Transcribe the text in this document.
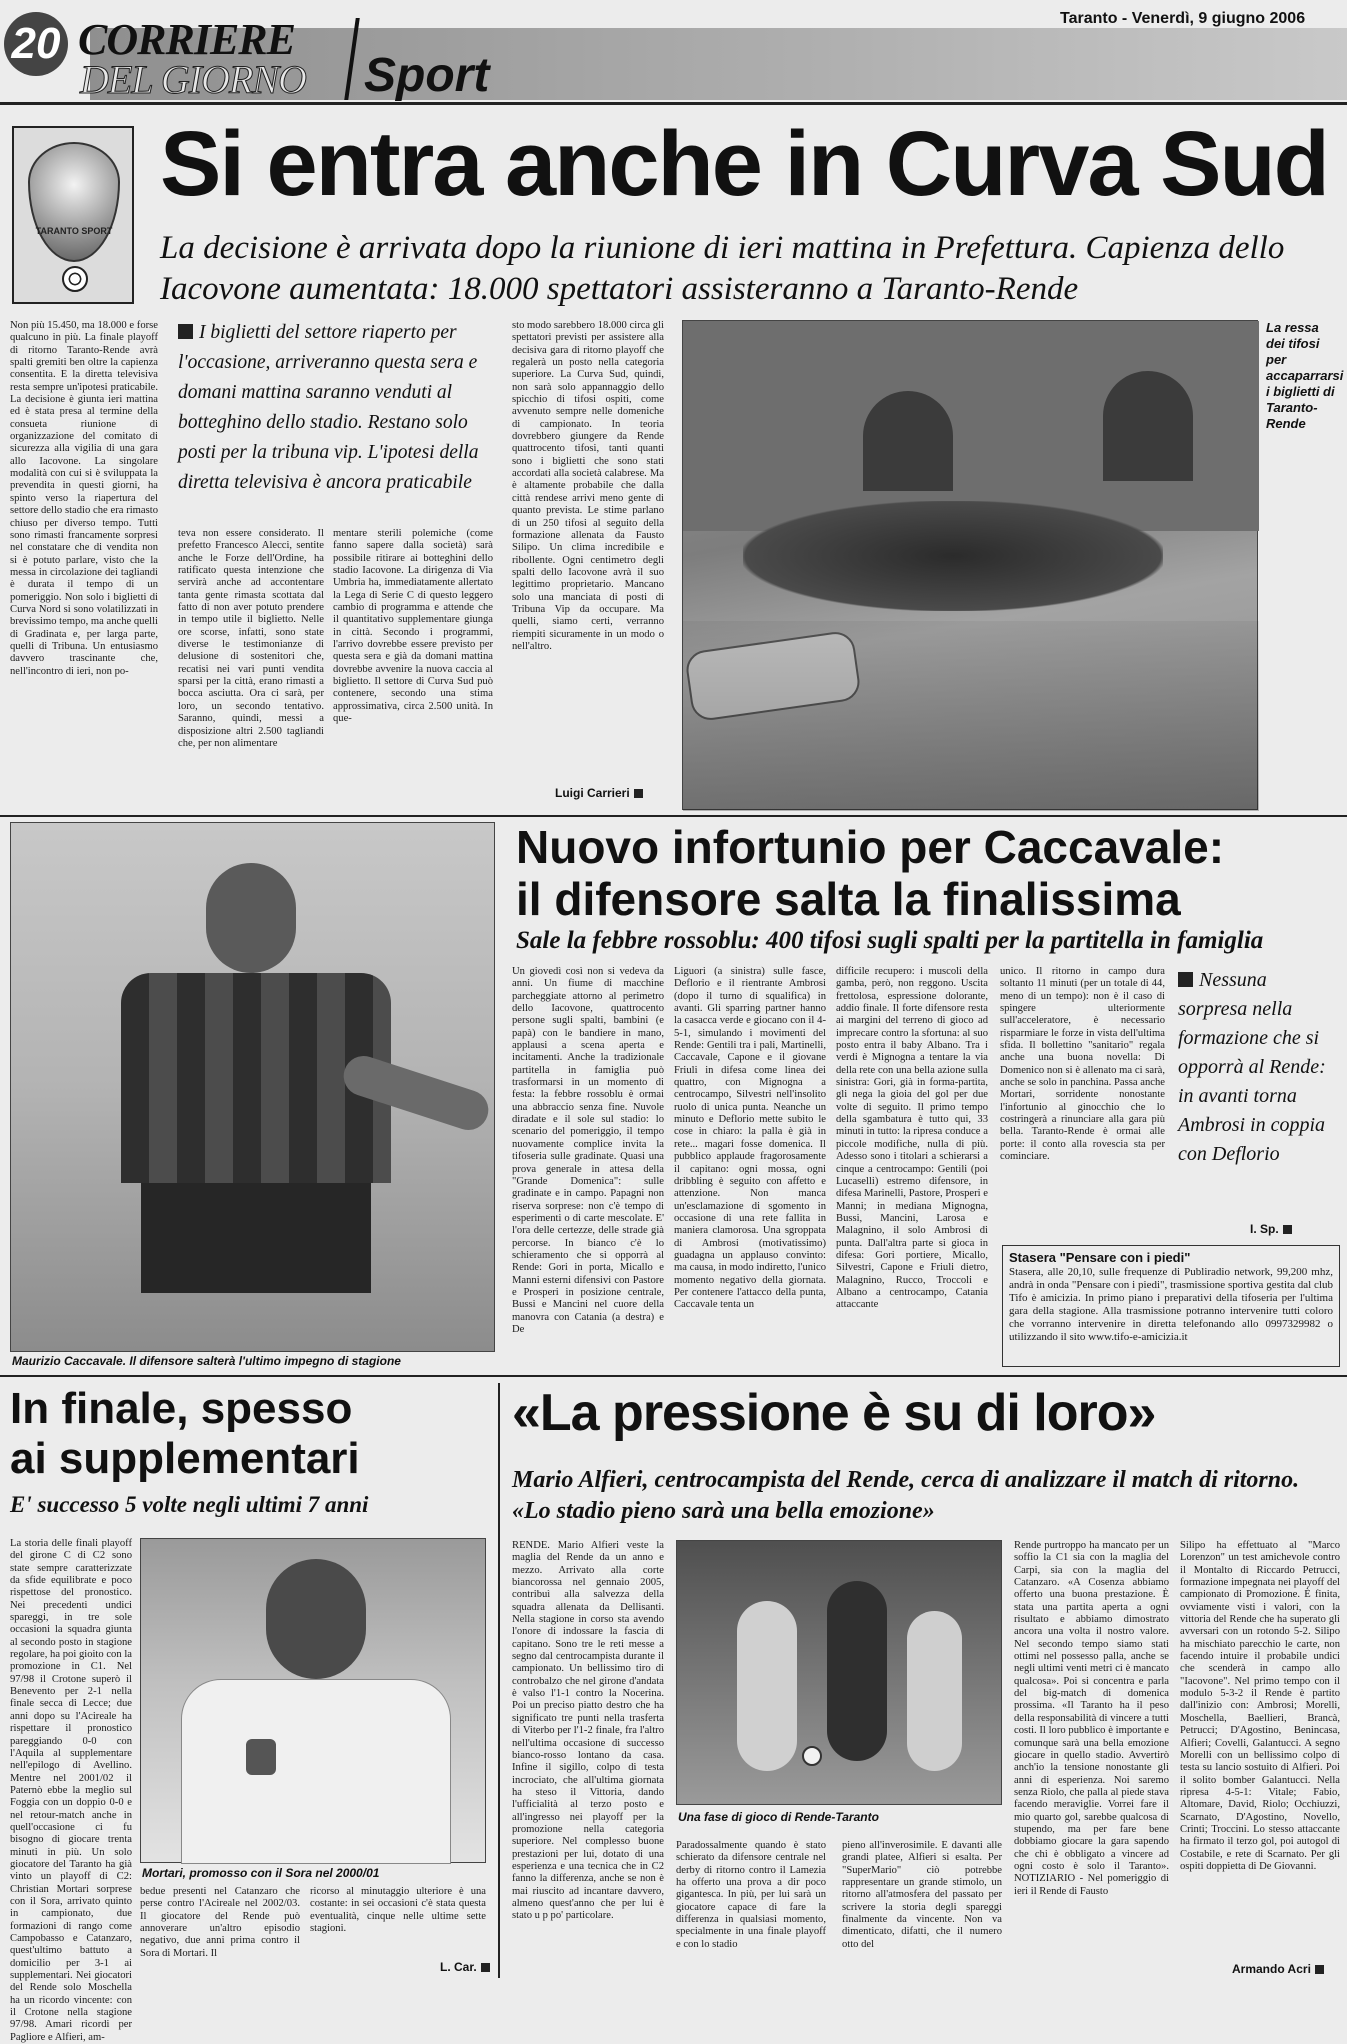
20 CORRIERE
DEL GIORNO Sport
Taranto - Venerdì, 9 giugno 2006
TARANTO SPORT
Si entra anche in Curva Sud
La decisione è arrivata dopo la riunione di ieri mattina in Prefettura. Capienza dello Iacovone aumentata: 18.000 spettatori assisteranno a Taranto-Rende
Non più 15.450, ma 18.000 e forse qualcuno in più. La finale playoff di ritorno Taranto-Rende avrà spalti gremiti ben oltre la capienza consentita. E la diretta televisiva resta sempre un'ipotesi praticabile. La decisione è giunta ieri mattina ed è stata presa al termine della consueta riunione di organizzazione del comitato di sicurezza alla vigilia di una gara allo Iacovone. La singolare modalità con cui si è sviluppata la prevendita in questi giorni, ha spinto verso la riapertura del settore dello stadio che era rimasto chiuso per diverso tempo. Tutti sono rimasti francamente sorpresi nel constatare che di vendita non si è potuto parlare, visto che la messa in circolazione dei tagliandi è durata il tempo di un pomeriggio. Non solo i biglietti di Curva Nord si sono volatilizzati in brevissimo tempo, ma anche quelli di Gradinata e, per larga parte, quelli di Tribuna. Un entusiasmo davvero trascinante che, nell'incontro di ieri, non po-
I biglietti del settore riaperto per l'occasione, arriveranno questa sera e domani mattina saranno venduti al botteghino dello stadio. Restano solo posti per la tribuna vip. L'ipotesi della diretta televisiva è ancora praticabile
teva non essere considerato. Il prefetto Francesco Alecci, sentite anche le Forze dell'Ordine, ha ratificato questa intenzione che servirà anche ad accontentare tanta gente rimasta scottata dal fatto di non aver potuto prendere in tempo utile il biglietto. Nelle ore scorse, infatti, sono state diverse le testimonianze di delusione di sostenitori che, recatisi nei vari punti vendita sparsi per la città, erano rimasti a bocca asciutta. Ora ci sarà, per loro, un secondo tentativo. Saranno, quindi, messi a disposizione altri 2.500 tagliandi che, per non alimentare
mentare sterili polemiche (come fanno sapere dalla società) sarà possibile ritirare ai botteghini dello stadio Iacovone. La dirigenza di Via Umbria ha, immediatamente allertato la Lega di Serie C di questo leggero cambio di programma e attende che il quantitativo supplementare giunga in città. Secondo i programmi, l'arrivo dovrebbe essere previsto per questa sera e già da domani mattina dovrebbe avvenire la nuova caccia al biglietto. Il settore di Curva Sud può contenere, secondo una stima approssimativa, circa 2.500 unità. In que-
sto modo sarebbero 18.000 circa gli spettatori previsti per assistere alla decisiva gara di ritorno playoff che regalerà un posto nella categoria superiore. La Curva Sud, quindi, non sarà solo appannaggio dello spicchio di tifosi ospiti, come avvenuto sempre nelle domeniche di campionato. In teoria dovrebbero giungere da Rende quattrocento tifosi, tanti quanti sono i biglietti che sono stati accordati alla società calabrese. Ma è altamente probabile che dalla città rendese arrivi meno gente di quanto prevista. Le stime parlano di un 250 tifosi al seguito della formazione allenata da Fausto Silipo. Un clima incredibile e ribollente. Ogni centimetro degli spalti dello Iacovone avrà il suo legittimo proprietario. Mancano solo una manciata di posti di Tribuna Vip da occupare. Ma quelli, siamo certi, verranno riempiti sicuramente in un modo o nell'altro.
Luigi Carrieri
La ressa dei tifosi per accaparrarsi i biglietti di Taranto-Rende
Maurizio Caccavale. Il difensore salterà l'ultimo impegno di stagione
Nuovo infortunio per Caccavale:
il difensore salta la finalissima
Sale la febbre rossoblu: 400 tifosi sugli spalti per la partitella in famiglia
Un giovedì così non si vedeva da anni. Un fiume di macchine parcheggiate attorno al perimetro dello Iacovone, quattrocento persone sugli spalti, bambini (e papà) con le bandiere in mano, applausi a scena aperta e incitamenti. Anche la tradizionale partitella in famiglia può trasformarsi in un momento di festa: la febbre rossoblu è ormai una abbraccio senza fine. Nuvole diradate e il sole sul stadio: lo scenario del pomeriggio, il tempo nuovamente complice invita la tifoseria sulle gradinate. Quasi una prova generale in attesa della "Grande Domenica": sulle gradinate e in campo. Papagni non riserva sorprese: non c'è tempo di esperimenti o di carte mescolate. E' l'ora delle certezze, delle strade già percorse. In bianco c'è lo schieramento che si opporrà al Rende: Gori in porta, Micallo e Manni esterni difensivi con Pastore e Prosperi in posizione centrale, Bussi e Mancini nel cuore della manovra con Catania (a destra) e De
Liguori (a sinistra) sulle fasce, Deflorio e il rientrante Ambrosi (dopo il turno di squalifica) in avanti. Gli sparring partner hanno la casacca verde e giocano con il 4-5-1, simulando i movimenti del Rende: Gentili tra i pali, Martinelli, Caccavale, Capone e il giovane Friuli in difesa come linea dei quattro, con Mignogna a centrocampo, Silvestri nell'insolito ruolo di unica punta. Neanche un minuto e Deflorio mette subito le cose in chiaro: la palla è già in rete... magari fosse domenica. Il pubblico applaude fragorosamente il capitano: ogni mossa, ogni dribbling è seguito con affetto e attenzione. Non manca un'esclamazione di sgomento in occasione di una rete fallita in maniera clamorosa. Una sgroppata di Ambrosi (motivatissimo) guadagna un applauso convinto: ma causa, in modo indiretto, l'unico momento negativo della giornata. Per contenere l'attacco della punta, Caccavale tenta un
difficile recupero: i muscoli della gamba, però, non reggono. Uscita frettolosa, espressione dolorante, addio finale. Il forte difensore resta ai margini del terreno di gioco ad imprecare contro la sfortuna: al suo posto entra il baby Albano. Tra i verdi è Mignogna a tentare la via della rete con una bella azione sulla sinistra: Gori, già in forma-partita, gli nega la gioia del gol per due volte di seguito. Il primo tempo della sgambatura è tutto qui, 33 minuti in tutto: la ripresa conduce a piccole modifiche, nulla di più. Adesso sono i titolari a schierarsi a cinque a centrocampo: Gentili (poi Lucaselli) estremo difensore, in difesa Marinelli, Pastore, Prosperi e Manni; in mediana Mignogna, Bussi, Mancini, Larosa e Malagnino, il solo Ambrosi di punta. Dall'altra parte si gioca in difesa: Gori portiere, Micallo, Silvestri, Capone e Friuli dietro, Malagnino, Rucco, Troccoli e Albano a centrocampo, Catania attaccante
unico. Il ritorno in campo dura soltanto 11 minuti (per un totale di 44, meno di un tempo): non è il caso di spingere ulteriormente sull'acceleratore, è necessario risparmiare le forze in vista dell'ultima sfida. Il bollettino "sanitario" regala anche una buona novella: Di Domenico non si è allenato ma ci sarà, anche se solo in panchina. Passa anche Mortari, sorridente nonostante l'infortunio al ginocchio che lo costringerà a rinunciare alla gara più bella. Taranto-Rende è ormai alle porte: il conto alla rovescia sta per cominciare.
Nessuna sorpresa nella formazione che si opporrà al Rende: in avanti torna Ambrosi in coppia con Deflorio
I. Sp.
Stasera "Pensare con i piedi"
Stasera, alle 20,10, sulle frequenze di Publiradio network, 99,200 mhz, andrà in onda "Pensare con i piedi", trasmissione sportiva gestita dal club Tifo è amicizia. In primo piano i preparativi della tifoseria per l'ultima gara della stagione. Alla trasmissione potranno intervenire tutti coloro che vorranno intervenire in diretta telefonando allo 0997329982 o utilizzando il sito www.tifo-e-amicizia.it
In finale, spesso
ai supplementari
E' successo 5 volte negli ultimi 7 anni
La storia delle finali playoff del girone C di C2 sono state sempre caratterizzate da sfide equilibrate e poco rispettose del pronostico. Nei precedenti undici spareggi, in tre sole occasioni la squadra giunta al secondo posto in stagione regolare, ha poi gioito con la promozione in C1. Nel 97/98 il Crotone superò il Benevento per 2-1 nella finale secca di Lecce; due anni dopo su l'Acireale ha rispettare il pronostico pareggiando 0-0 con l'Aquila al supplementare nell'epilogo di Avellino. Mentre nel 2001/02 il Paternò ebbe la meglio sul Foggia con un doppio 0-0 e nel retour-match anche in quell'occasione ci fu bisogno di giocare trenta minuti in più. Un solo giocatore del Taranto ha già vinto un playoff di C2: Christian Mortari sorprese con il Sora, arrivato quinto in campionato, due formazioni di rango come Campobasso e Catanzaro, quest'ultimo battuto a domicilio per 3-1 ai supplementari. Nei giocatori del Rende solo Moschella ha un ricordo vincente: con il Crotone nella stagione 97/98. Amari ricordi per Pagliore e Alfieri, am-
Mortari, promosso con il Sora nel 2000/01
bedue presenti nel Catanzaro che perse contro l'Acireale nel 2002/03. Il giocatore del Rende può annoverare un'altro episodio negativo, due anni prima contro il Sora di Mortari. Il
ricorso al minutaggio ulteriore è una costante: in sei occasioni c'è stata questa eventualità, cinque nelle ultime sette stagioni.
L. Car.
«La pressione è su di loro»
Mario Alfieri, centrocampista del Rende, cerca di analizzare il match di ritorno. «Lo stadio pieno sarà una bella emozione»
RENDE. Mario Alfieri veste la maglia del Rende da un anno e mezzo. Arrivato alla corte biancorossa nel gennaio 2005, contribuì alla salvezza della squadra allenata da Dellisanti. Nella stagione in corso sta avendo l'onore di indossare la fascia di capitano. Sono tre le reti messe a segno dal centrocampista durante il campionato. Un bellissimo tiro di controbalzo che nel girone d'andata è valso l'1-1 contro la Nocerina. Poi un preciso piatto destro che ha significato tre punti nella trasferta di Viterbo per l'1-2 finale, fra l'altro nell'ultima occasione di successo bianco-rosso lontano da casa. Infine il sigillo, colpo di testa incrociato, che all'ultima giornata ha steso il Vittoria, dando l'ufficialità al terzo posto e all'ingresso nei playoff per la promozione nella categoria superiore. Nel complesso buone prestazioni per lui, dotato di una esperienza e una tecnica che in C2 fanno la differenza, anche se non è mai riuscito ad incantare davvero, almeno quest'anno che per lui è stato u p po' particolare.
Una fase di gioco di Rende-Taranto
Paradossalmente quando è stato schierato da difensore centrale nel derby di ritorno contro il Lamezia ha offerto una prova a dir poco gigantesca. In più, per lui sarà un giocatore capace di fare la differenza in qualsiasi momento, specialmente in una finale playoff e con lo stadio
pieno all'inverosimile. E davanti alle grandi platee, Alfieri si esalta. Per "SuperMario" ciò potrebbe rappresentare un grande stimolo, un ritorno all'atmosfera del passato per scrivere la storia degli spareggi finalmente da vincente. Non va dimenticato, difatti, che il numero otto del
Rende purtroppo ha mancato per un soffio la C1 sia con la maglia del Carpi, sia con la maglia del Catanzaro. «A Cosenza abbiamo offerto una buona prestazione. È stata una partita aperta a ogni risultato e abbiamo dimostrato ancora una volta il nostro valore. Nel secondo tempo siamo stati ottimi nel possesso palla, anche se negli ultimi venti metri ci è mancato qualcosa». Poi si concentra e parla del big-match di domenica prossima. «Il Taranto ha il peso della responsabilità di vincere a tutti costi. Il loro pubblico è importante e comunque sarà una bella emozione giocare in quello stadio. Avvertirò anch'io la tensione nonostante gli anni di esperienza. Noi saremo senza Riolo, che palla al piede stava facendo meraviglie. Vorrei fare il mio quarto gol, sarebbe qualcosa di stupendo, ma per fare bene dobbiamo giocare la gara sapendo che chi è obbligato a vincere ad ogni costo è solo il Taranto». NOTIZIARIO - Nel pomeriggio di ieri il Rende di Fausto
Silipo ha effettuato al "Marco Lorenzon" un test amichevole contro il Montalto di Riccardo Petrucci, formazione impegnata nei playoff del campionato di Promozione. È finita, ovviamente visti i valori, con la vittoria del Rende che ha superato gli avversari con un rotondo 5-2. Silipo ha mischiato parecchio le carte, non facendo intuire il probabile undici che scenderà in campo allo "Iacovone". Nel primo tempo con il modulo 5-3-2 il Rende è partito dall'inizio con: Ambrosi; Morelli, Moschella, Baellieri, Brancà, Petrucci; D'Agostino, Benincasa, Alfieri; Covelli, Galantucci. A segno Morelli con un bellissimo colpo di testa su lancio sostuito di Alfieri. Poi il solito bomber Galantucci. Nella ripresa 4-5-1: Vitale; Fabio, Altomare, David, Riolo; Occhiuzzi, Scarnato, D'Agostino, Novello, Crinti; Troccini. Lo stesso attaccante ha firmato il terzo gol, poi autogol di Costabile, e rete di Scarnato. Per gli ospiti doppietta di De Giovanni.
Armando Acri
